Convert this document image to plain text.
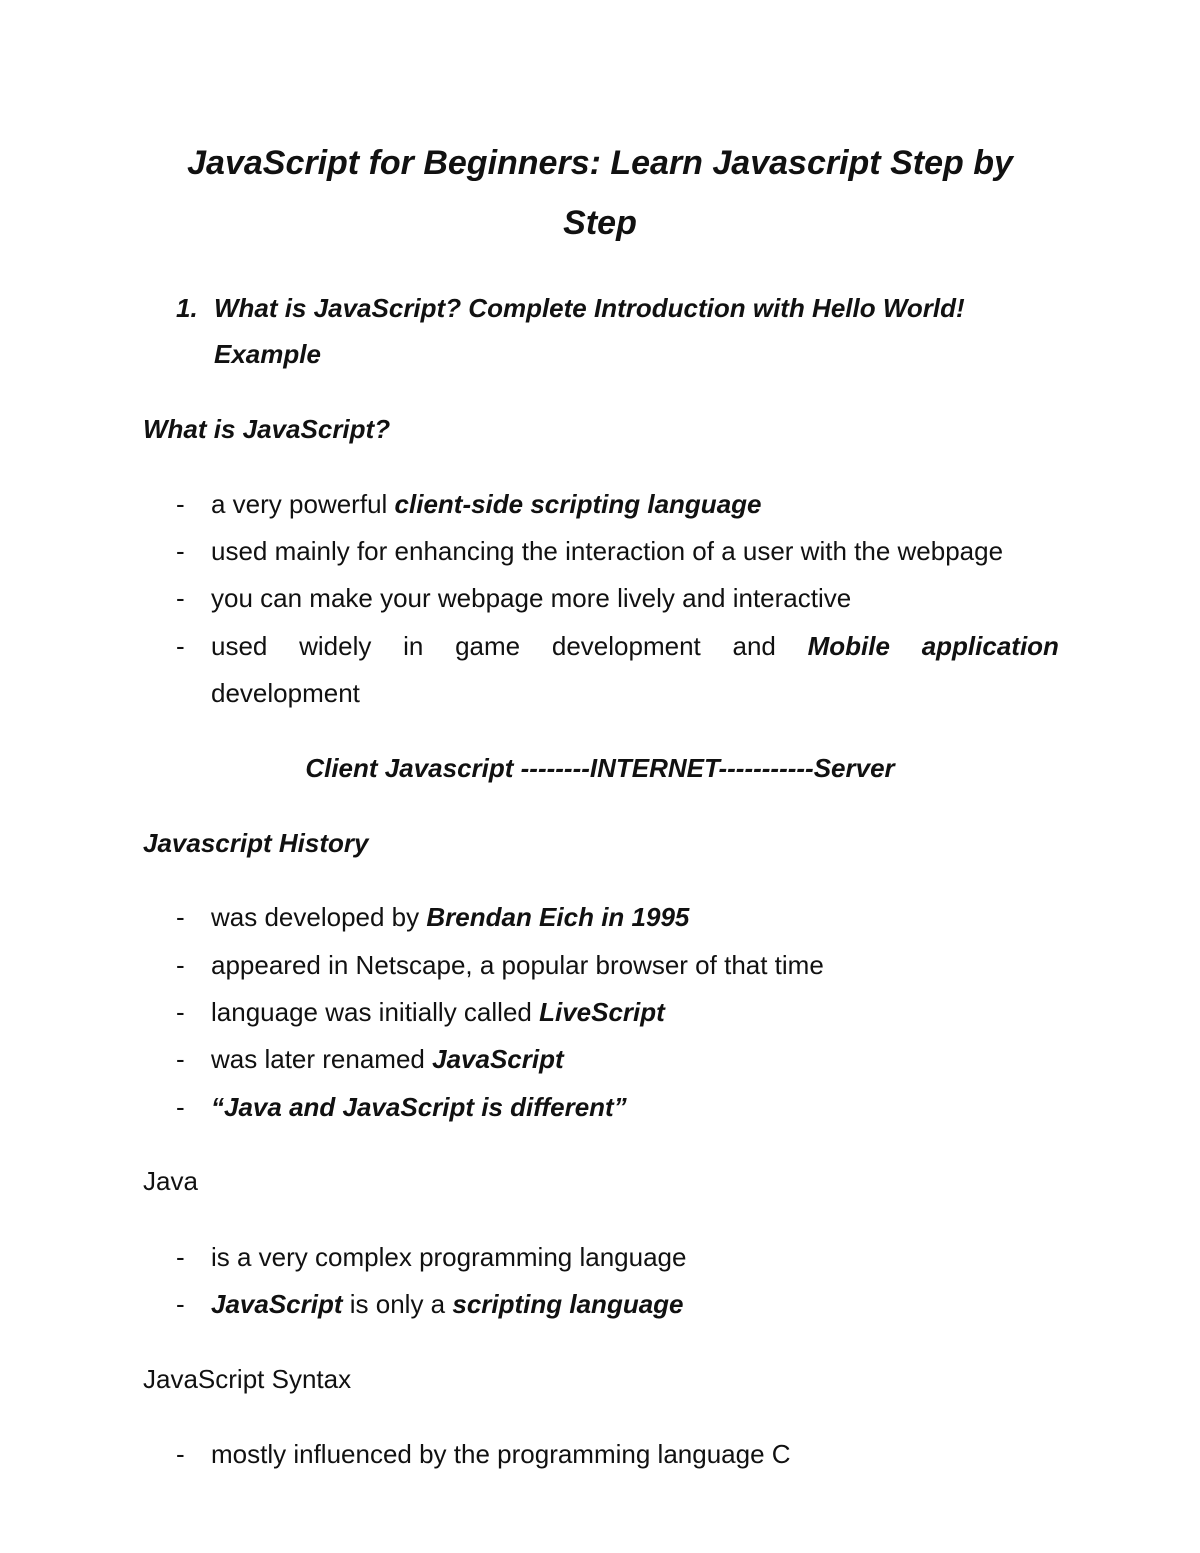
JavaScript for Beginners: Learn Javascript Step by
Step
1. What is JavaScript? Complete Introduction with Hello World!
Example
What is JavaScript?
- a very powerful client-side scripting language
- used mainly for enhancing the interaction of a user with the webpage
- you can make your webpage more lively and interactive
- used widely in game development and Mobile application
development
Client Javascript --------INTERNET-----------Server
Javascript History
- was developed by Brendan Eich in 1995
- appeared in Netscape, a popular browser of that time
- language was initially called LiveScript
- was later renamed JavaScript
- “Java and JavaScript is different”
Java
- is a very complex programming language
- JavaScript is only a scripting language
JavaScript Syntax
- mostly influenced by the programming language C
